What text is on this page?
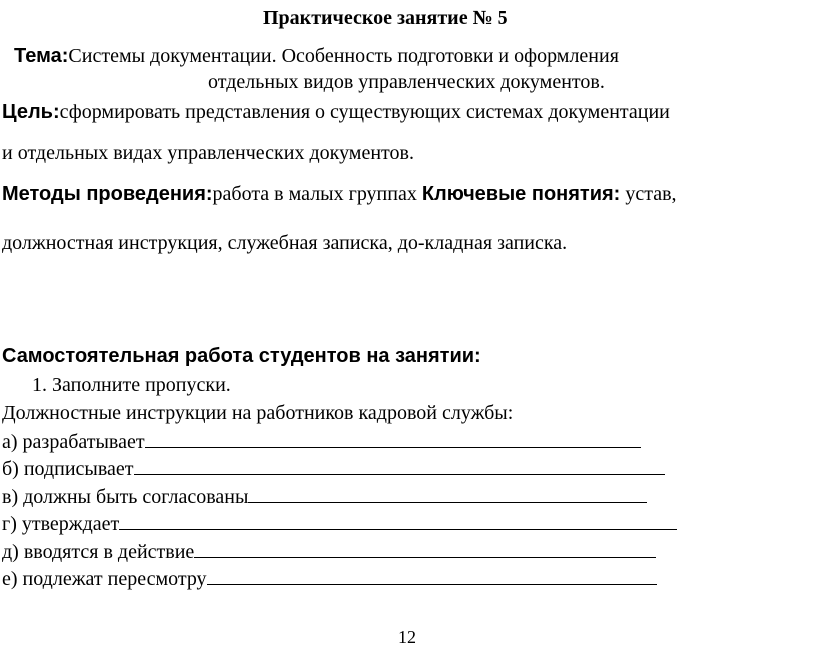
Практическое занятие № 5
Тема:Системы документации. Особенность подготовки и оформления
отдельных видов управленческих документов.
Цель:сформировать представления о существующих системах документации
и отдельных видах управленческих документов.
Методы проведения:работа в малых группах Ключевые понятия: устав,
должностная инструкция, служебная записка, до-кладная записка.
Самостоятельная работа студентов на занятии:
1. Заполните пропуски.
Должностные инструкции на работников кадровой службы:
а) разрабатывает
б) подписывает
в) должны быть согласованы
г) утверждает
д) вводятся в действие
е) подлежат пересмотру
12
